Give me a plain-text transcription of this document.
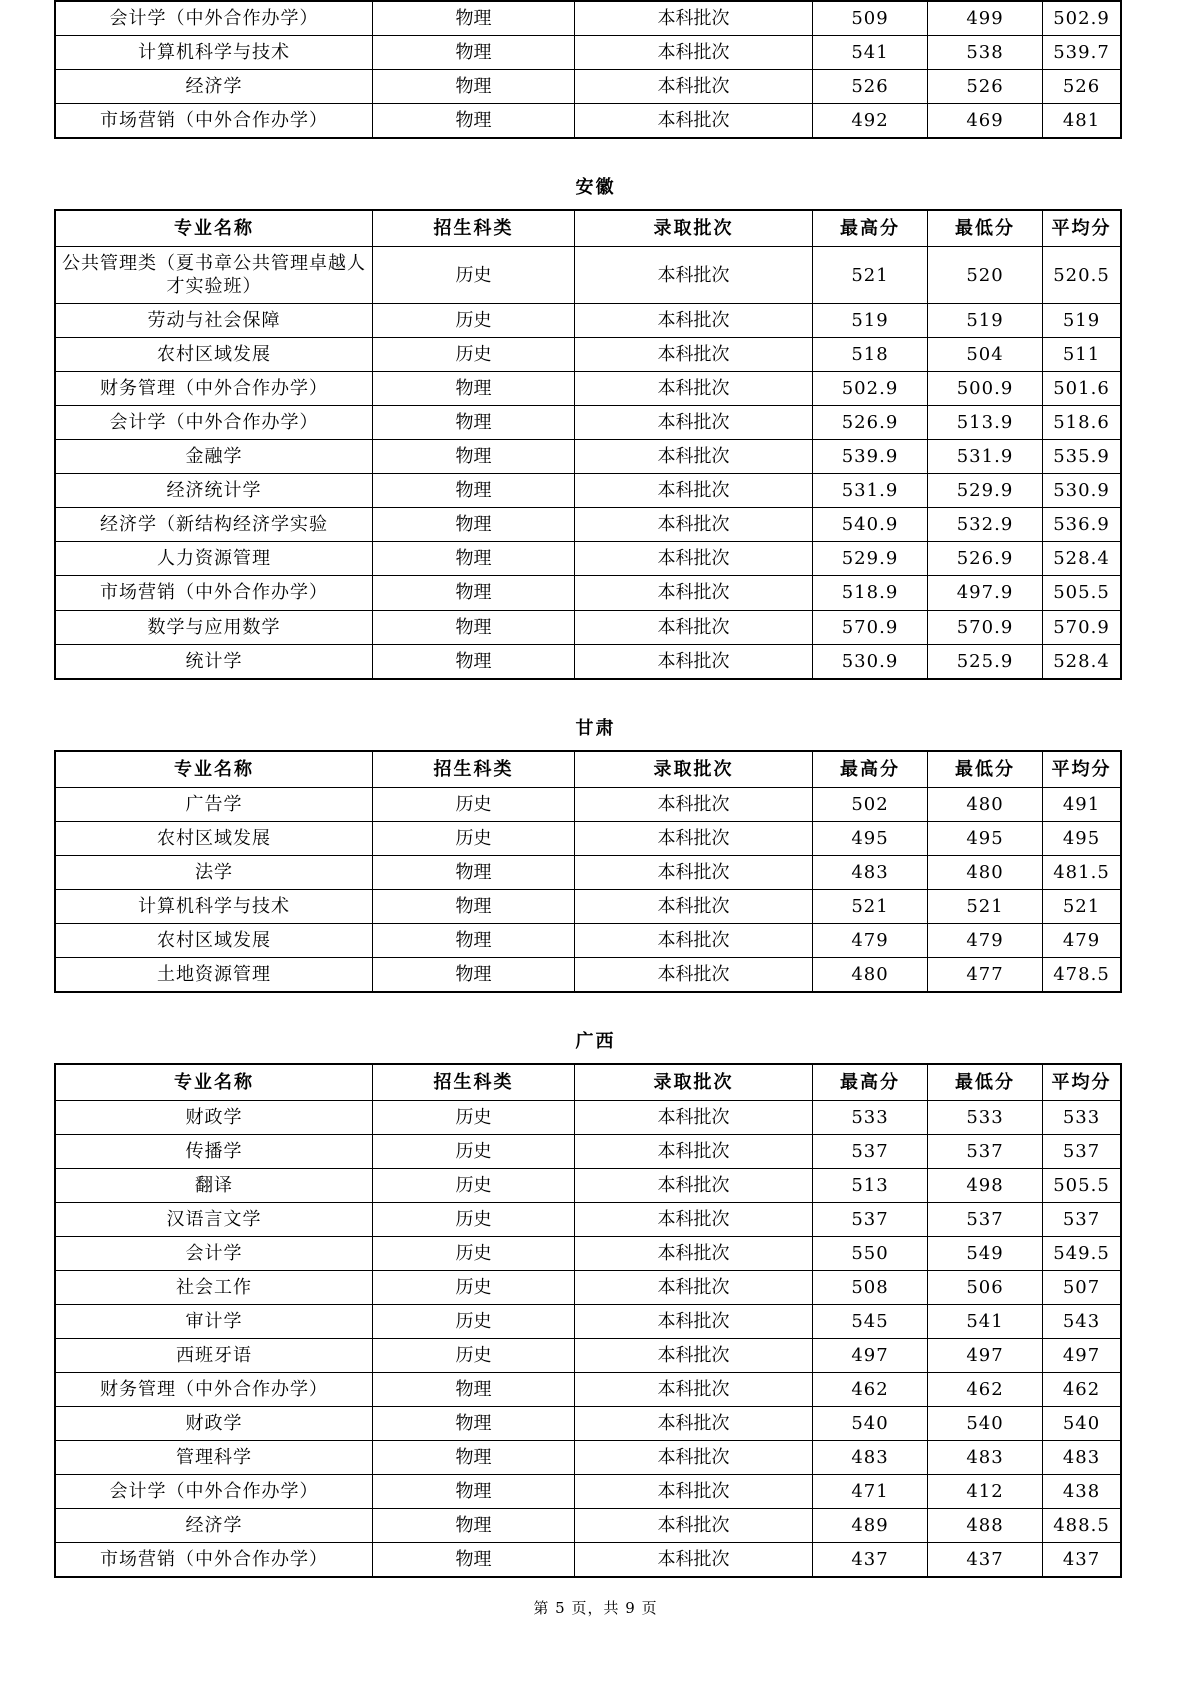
会计学（中外合作办学）	物理	本科批次	509	499	502.9
计算机科学与技术	物理	本科批次	541	538	539.7
经济学	物理	本科批次	526	526	526
市场营销（中外合作办学）	物理	本科批次	492	469	481
安徽
专业名称	招生科类	录取批次	最高分	最低分	平均分
公共管理类（夏书章公共管理卓越人才实验班）	历史	本科批次	521	520	520.5
劳动与社会保障	历史	本科批次	519	519	519
农村区域发展	历史	本科批次	518	504	511
财务管理（中外合作办学）	物理	本科批次	502.9	500.9	501.6
会计学（中外合作办学）	物理	本科批次	526.9	513.9	518.6
金融学	物理	本科批次	539.9	531.9	535.9
经济统计学	物理	本科批次	531.9	529.9	530.9
经济学（新结构经济学实验	物理	本科批次	540.9	532.9	536.9
人力资源管理	物理	本科批次	529.9	526.9	528.4
市场营销（中外合作办学）	物理	本科批次	518.9	497.9	505.5
数学与应用数学	物理	本科批次	570.9	570.9	570.9
统计学	物理	本科批次	530.9	525.9	528.4
甘肃
专业名称	招生科类	录取批次	最高分	最低分	平均分
广告学	历史	本科批次	502	480	491
农村区域发展	历史	本科批次	495	495	495
法学	物理	本科批次	483	480	481.5
计算机科学与技术	物理	本科批次	521	521	521
农村区域发展	物理	本科批次	479	479	479
土地资源管理	物理	本科批次	480	477	478.5
广西
专业名称	招生科类	录取批次	最高分	最低分	平均分
财政学	历史	本科批次	533	533	533
传播学	历史	本科批次	537	537	537
翻译	历史	本科批次	513	498	505.5
汉语言文学	历史	本科批次	537	537	537
会计学	历史	本科批次	550	549	549.5
社会工作	历史	本科批次	508	506	507
审计学	历史	本科批次	545	541	543
西班牙语	历史	本科批次	497	497	497
财务管理（中外合作办学）	物理	本科批次	462	462	462
财政学	物理	本科批次	540	540	540
管理科学	物理	本科批次	483	483	483
会计学（中外合作办学）	物理	本科批次	471	412	438
经济学	物理	本科批次	489	488	488.5
市场营销（中外合作办学）	物理	本科批次	437	437	437
第 5 页，共 9 页
